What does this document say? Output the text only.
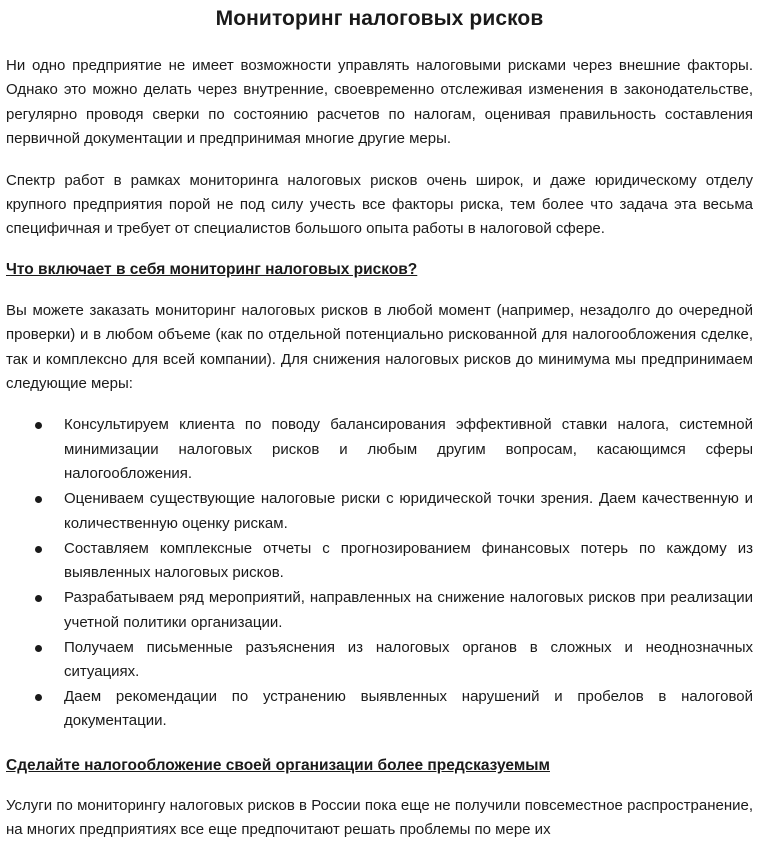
Мониторинг налоговых рисков

Ни одно предприятие не имеет возможности управлять налоговыми рисками через внешние факторы. Однако это можно делать через внутренние, своевременно отслеживая изменения в законодательстве, регулярно проводя сверки по состоянию расчетов по налогам, оценивая правильность составления первичной документации и предпринимая многие другие меры.

Спектр работ в рамках мониторинга налоговых рисков очень широк, и даже юридическому отделу крупного предприятия порой не под силу учесть все факторы риска, тем более что задача эта весьма специфичная и требует от специалистов большого опыта работы в налоговой сфере.

Что включает в себя мониторинг налоговых рисков?

Вы можете заказать мониторинг налоговых рисков в любой момент (например, незадолго до очередной проверки) и в любом объеме (как по отдельной потенциально рискованной для налогообложения сделке, так и комплексно для всей компании). Для снижения налоговых рисков до минимума мы предпринимаем следующие меры:

Консультируем клиента по поводу балансирования эффективной ставки налога, системной минимизации налоговых рисков и любым другим вопросам, касающимся сферы налогообложения.
Оцениваем существующие налоговые риски с юридической точки зрения. Даем качественную и количественную оценку рискам.
Составляем комплексные отчеты с прогнозированием финансовых потерь по каждому из выявленных налоговых рисков.
Разрабатываем ряд мероприятий, направленных на снижение налоговых рисков при реализации учетной политики организации.
Получаем письменные разъяснения из налоговых органов в сложных и неоднозначных ситуациях.
Даем рекомендации по устранению выявленных нарушений и пробелов в налоговой документации.
Сделайте налогообложение своей организации более предсказуемым

Услуги по мониторингу налоговых рисков в России пока еще не получили повсеместное распространение, на многих предприятиях все еще предпочитают решать проблемы по мере их
